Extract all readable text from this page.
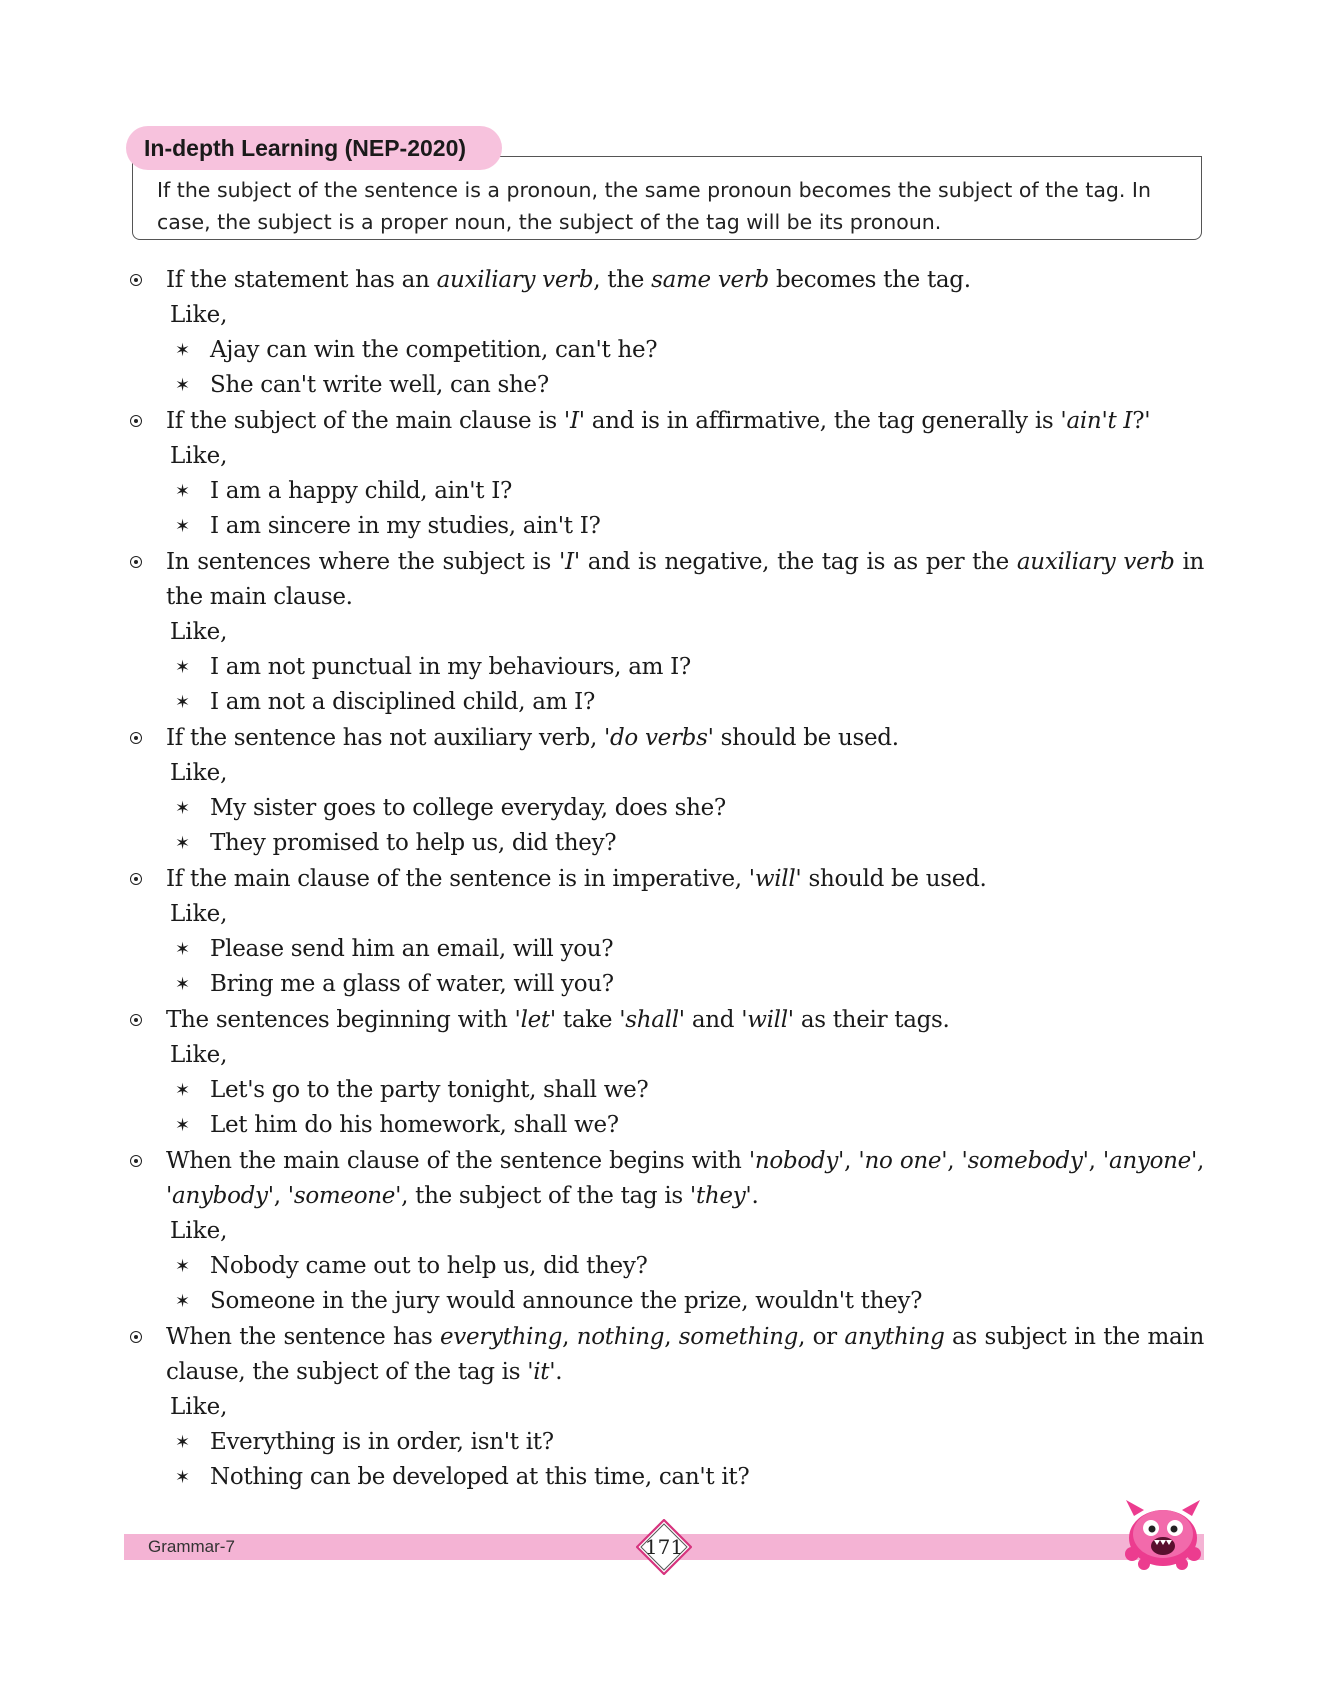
In-depth Learning (NEP-2020)
If the subject of the sentence is a pronoun, the same pronoun becomes the subject of the tag. In case, the subject is a proper noun, the subject of the tag will be its pronoun.
If the statement has an auxiliary verb, the same verb becomes the tag.
Like,
✶ Ajay can win the competition, can't he?
✶ She can't write well, can she?
If the subject of the main clause is 'I' and is in affirmative, the tag generally is 'ain't I?'
Like,
✶ I am a happy child, ain't I?
✶ I am sincere in my studies, ain't I?
In sentences where the subject is 'I' and is negative, the tag is as per the auxiliary verb in the main clause.
Like,
✶ I am not punctual in my behaviours, am I?
✶ I am not a disciplined child, am I?
If the sentence has not auxiliary verb, 'do verbs' should be used.
Like,
✶ My sister goes to college everyday, does she?
✶ They promised to help us, did they?
If the main clause of the sentence is in imperative, 'will' should be used.
Like,
✶ Please send him an email, will you?
✶ Bring me a glass of water, will you?
The sentences beginning with 'let' take 'shall' and 'will' as their tags.
Like,
✶ Let's go to the party tonight, shall we?
✶ Let him do his homework, shall we?
When the main clause of the sentence begins with 'nobody', 'no one', 'somebody', 'anyone', 'anybody', 'someone', the subject of the tag is 'they'.
Like,
✶ Nobody came out to help us, did they?
✶ Someone in the jury would announce the prize, wouldn't they?
When the sentence has everything, nothing, something, or anything as subject in the main clause, the subject of the tag is 'it'.
Like,
✶ Everything is in order, isn't it?
✶ Nothing can be developed at this time, can't it?
Grammar-7	171
